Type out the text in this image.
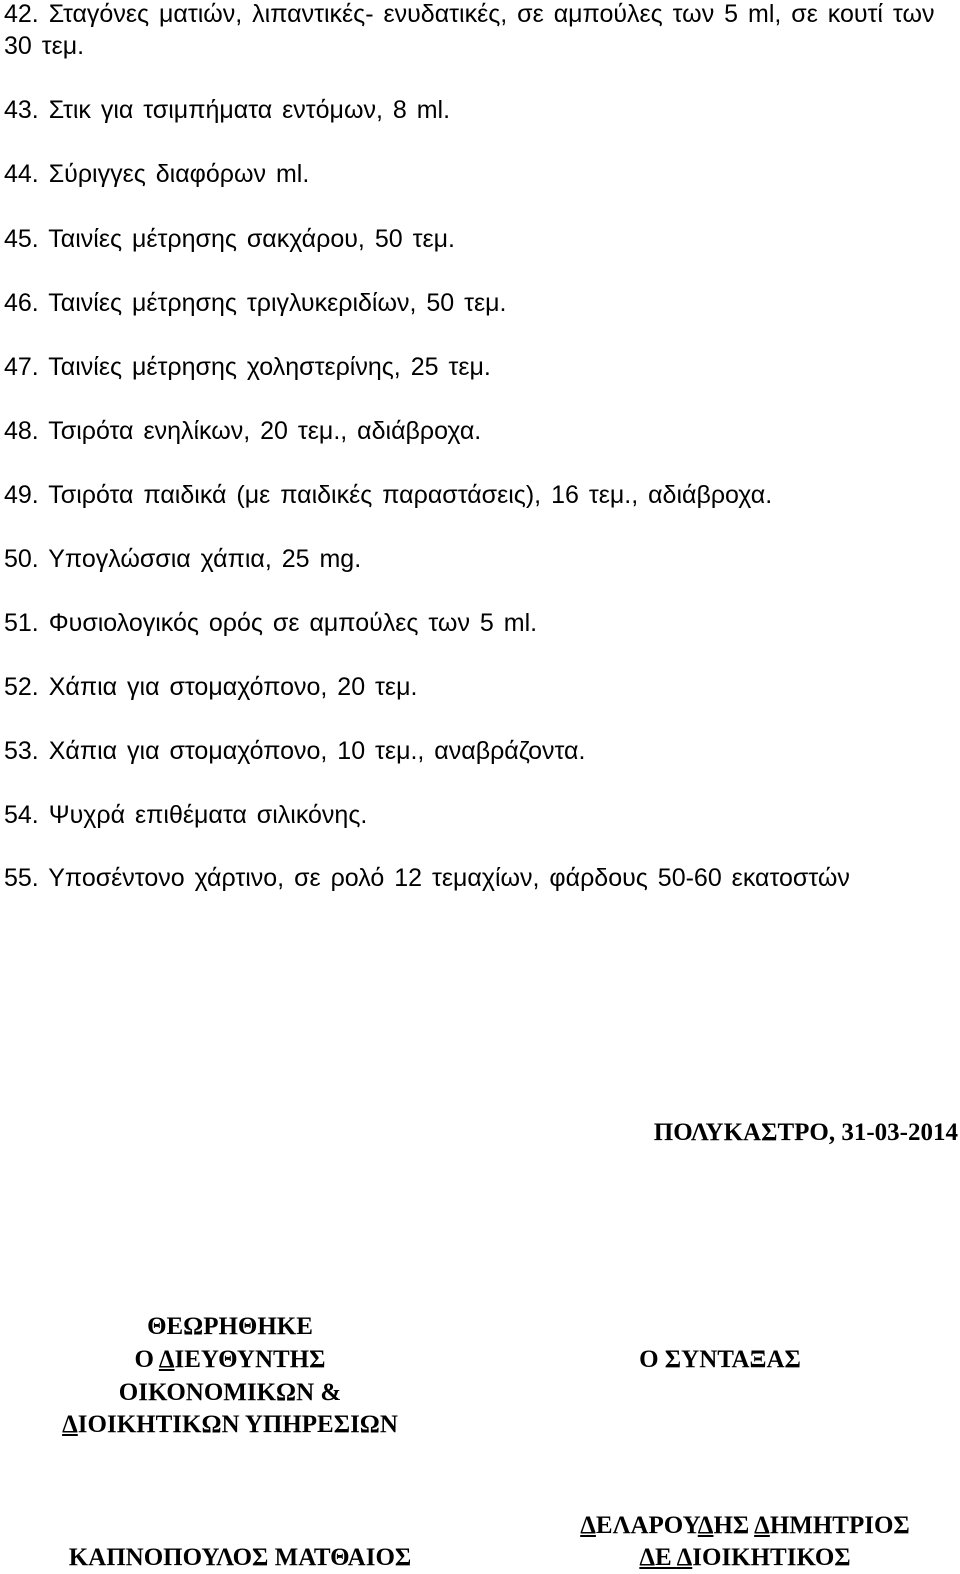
42. Σταγόνες ματιών, λιπαντικές- ενυδατικές, σε αμπούλες των 5 ml, σε κουτί των 30 τεμ.
43. Στικ για τσιμπήματα εντόμων, 8 ml.
44. Σύριγγες διαφόρων ml.
45. Ταινίες μέτρησης σακχάρου, 50 τεμ.
46. Ταινίες μέτρησης τριγλυκεριδίων, 50 τεμ.
47. Ταινίες μέτρησης χοληστερίνης, 25 τεμ.
48. Τσιρότα ενηλίκων, 20 τεμ., αδιάβροχα.
49. Τσιρότα παιδικά (με παιδικές παραστάσεις), 16 τεμ., αδιάβροχα.
50. Υπογλώσσια χάπια, 25 mg.
51. Φυσιολογικός ορός σε αμπούλες των 5 ml.
52. Χάπια για στομαχόπονο, 20 τεμ.
53. Χάπια για στομαχόπονο, 10 τεμ., αναβράζοντα.
54. Ψυχρά επιθέματα σιλικόνης.
55. Υποσέντονο χάρτινο, σε ρολό 12 τεμαχίων, φάρδους 50-60 εκατοστών
ΠΟΛΥΚΑΣΤΡΟ, 31-03-2014
ΘΕΩΡΗΘΗΚΕ
Ο ΔΙΕΥΘΥΝΤΗΣ
ΟΙΚΟΝΟΜΙΚΩΝ &
ΔΙΟΙΚΗΤΙΚΩΝ ΥΠΗΡΕΣΙΩΝ
ΚΑΠΝΟΠΟΥΛΟΣ ΜΑΤΘΑΙΟΣ
Ο ΣΥΝΤΑΞΑΣ
ΔΕΛΑΡΟΥΔΗΣ ΔΗΜΗΤΡΙΟΣ
ΔΕ ΔΙΟΙΚΗΤΙΚΟΣ
